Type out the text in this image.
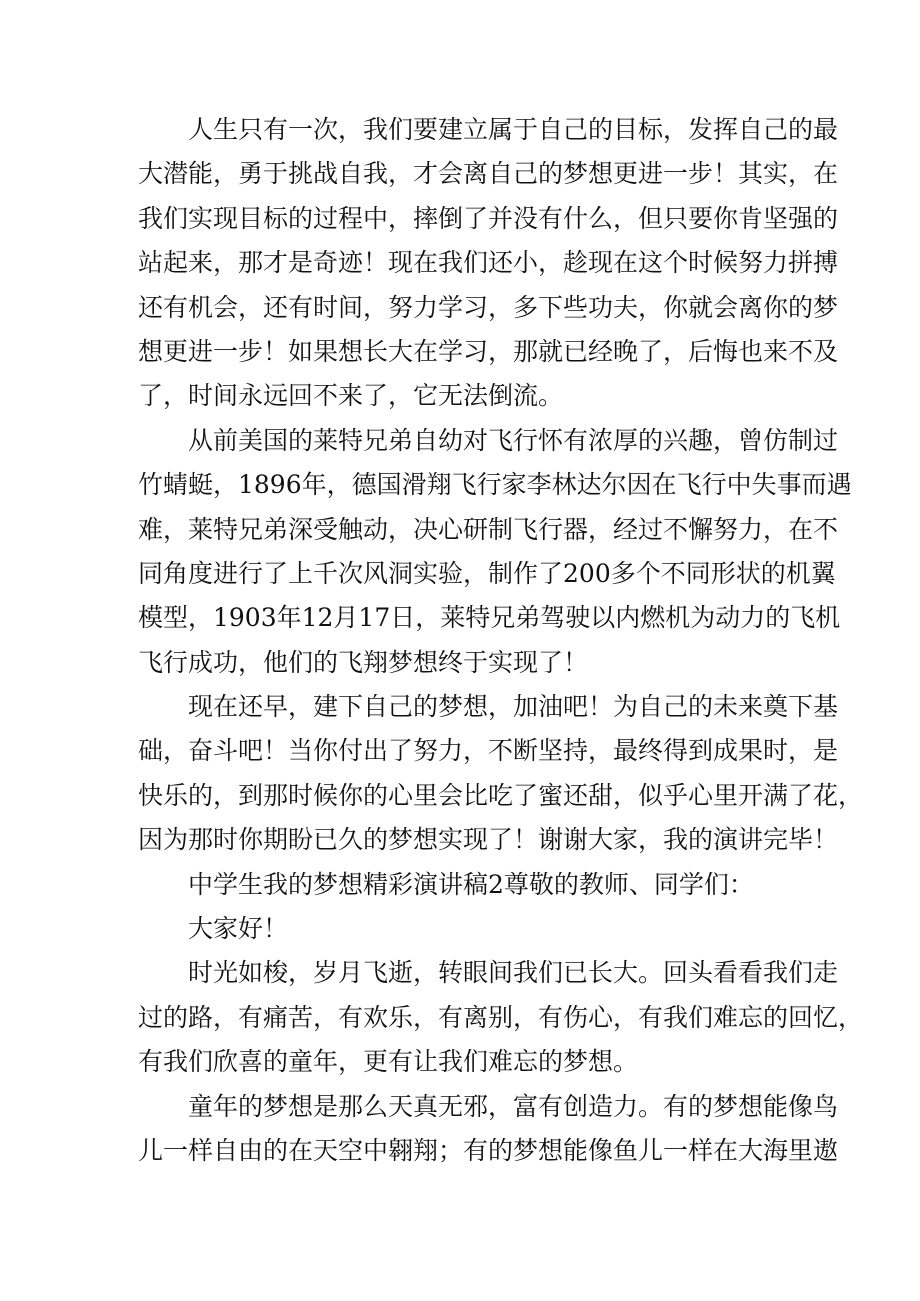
人生只有一次，我们要建立属于自己的目标，发挥自己的最
大潜能，勇于挑战自我，才会离自己的梦想更进一步！其实，在
我们实现目标的过程中，摔倒了并没有什么，但只要你肯坚强的
站起来，那才是奇迹！现在我们还小，趁现在这个时候努力拼搏
还有机会，还有时间，努力学习，多下些功夫，你就会离你的梦
想更进一步！如果想长大在学习，那就已经晚了，后悔也来不及
了，时间永远回不来了，它无法倒流。
从前美国的莱特兄弟自幼对飞行怀有浓厚的兴趣，曾仿制过
竹蜻蜓，1896年，德国滑翔飞行家李林达尔因在飞行中失事而遇
难，莱特兄弟深受触动，决心研制飞行器，经过不懈努力，在不
同角度进行了上千次风洞实验，制作了200多个不同形状的机翼
模型，1903年12月17日，莱特兄弟驾驶以内燃机为动力的飞机
飞行成功，他们的飞翔梦想终于实现了！
现在还早，建下自己的梦想，加油吧！为自己的未来奠下基
础，奋斗吧！当你付出了努力，不断坚持，最终得到成果时，是
快乐的，到那时候你的心里会比吃了蜜还甜，似乎心里开满了花，
因为那时你期盼已久的梦想实现了！谢谢大家，我的演讲完毕！
中学生我的梦想精彩演讲稿2尊敬的教师、同学们：
大家好！
时光如梭，岁月飞逝，转眼间我们已长大。回头看看我们走
过的路，有痛苦，有欢乐，有离别，有伤心，有我们难忘的回忆，
有我们欣喜的童年，更有让我们难忘的梦想。
童年的梦想是那么天真无邪，富有创造力。有的梦想能像鸟
儿一样自由的在天空中翱翔；有的梦想能像鱼儿一样在大海里遨
